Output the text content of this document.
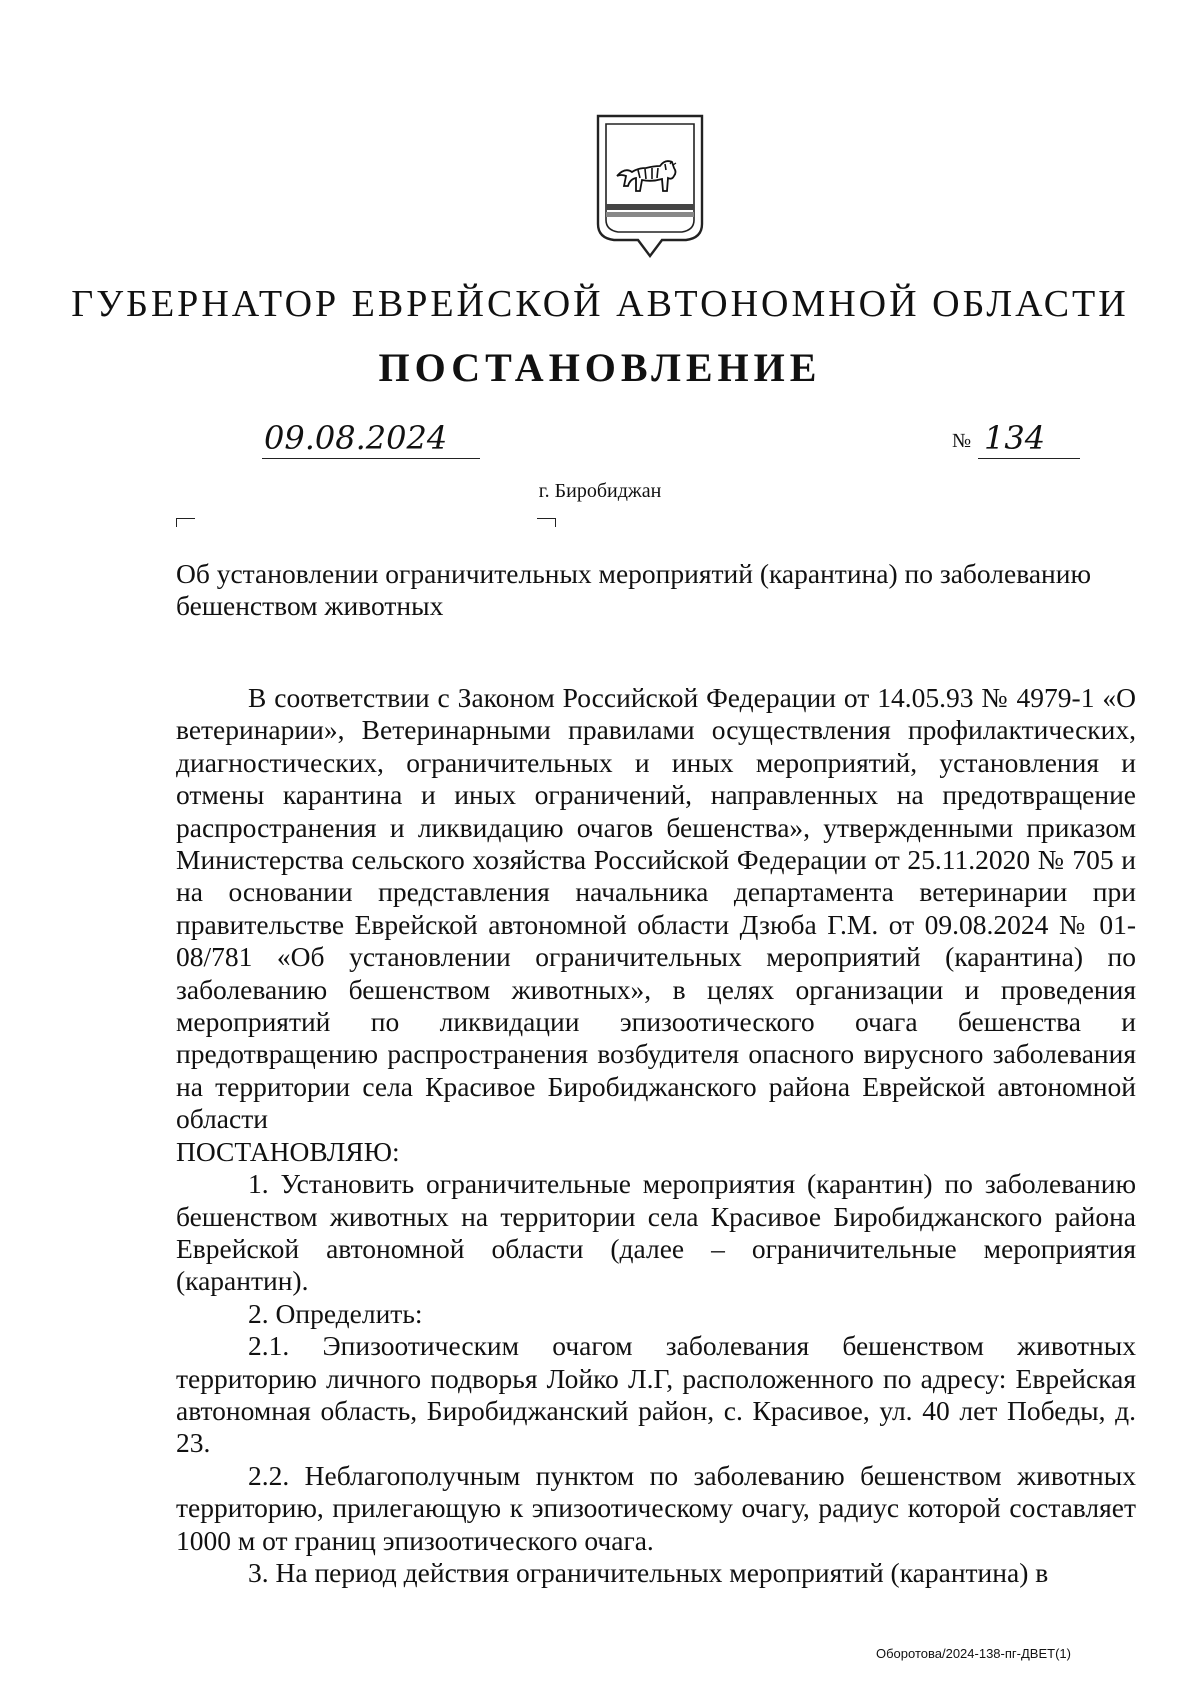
ГУБЕРНАТОР ЕВРЕЙСКОЙ АВТОНОМНОЙ ОБЛАСТИ
ПОСТАНОВЛЕНИЕ
09.08.2024	№ 134
г. Биробиджан
Об установлении ограничительных мероприятий (карантина) по заболеванию бешенством животных

В соответствии с Законом Российской Федерации от 14.05.93 № 4979-1 «О ветеринарии», Ветеринарными правилами осуществления профилактических, диагностических, ограничительных и иных мероприятий, установления и отмены карантина и иных ограничений, направленных на предотвращение распространения и ликвидацию очагов бешенства», утвержденными приказом Министерства сельского хозяйства Российской Федерации от 25.11.2020 № 705 и на основании представления начальника департамента ветеринарии при правительстве Еврейской автономной области Дзюба Г.М. от 09.08.2024 № 01-08/781 «Об установлении ограничительных мероприятий (карантина) по заболеванию бешенством животных», в целях организации и проведения мероприятий по ликвидации эпизоотического очага бешенства и предотвращению распространения возбудителя опасного вирусного заболевания на территории села Красивое Биробиджанского района Еврейской автономной области

ПОСТАНОВЛЯЮ:

1. Установить ограничительные мероприятия (карантин) по заболеванию бешенством животных на территории села Красивое Биробиджанского района Еврейской автономной области (далее – ограничительные мероприятия (карантин).

2. Определить:

2.1. Эпизоотическим очагом заболевания бешенством животных территорию личного подворья Лойко Л.Г, расположенного по адресу: Еврейская автономная область, Биробиджанский район, с. Красивое, ул. 40 лет Победы, д. 23.

2.2. Неблагополучным пунктом по заболеванию бешенством животных территорию, прилегающую к эпизоотическому очагу, радиус которой составляет 1000 м от границ эпизоотического очага.

3. На период действия ограничительных мероприятий (карантина) в

Оборотова/2024-138-пг-ДВЕТ(1)
